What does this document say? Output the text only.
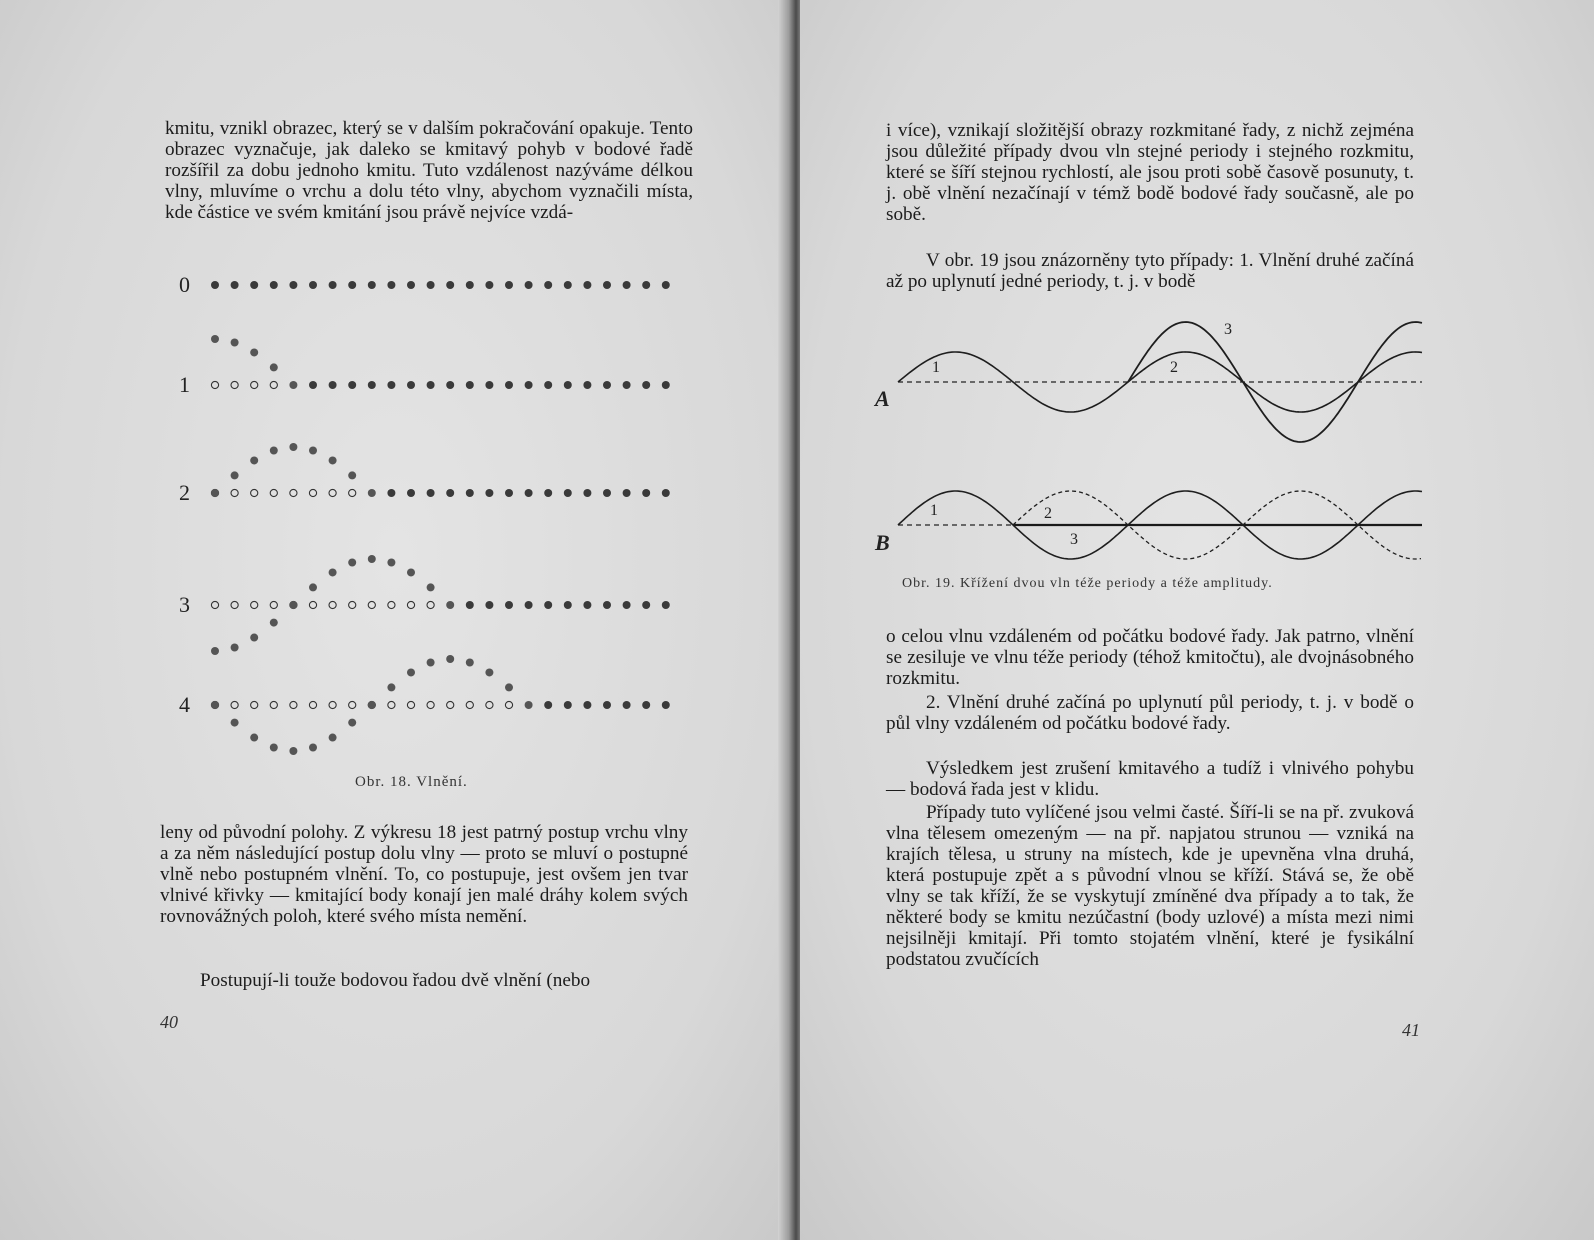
kmitu, vznikl obrazec, který se v dalším pokračování opakuje. Tento obrazec vyznačuje, jak daleko se kmitavý pohyb v bodové řadě rozšířil za dobu jednoho kmitu. Tuto vzdálenost nazýváme délkou vlny, mluvíme o vrchu a dolu této vlny, abychom vyznačili místa, kde částice ve svém kmitání jsou právě nejvíce vzdá-

0
1
2
3
4
Obr. 18. Vlnění.

leny od původní polohy. Z výkresu 18 jest patrný postup vrchu vlny a za něm následující postup dolu vlny — proto se mluví o postupné vlně nebo postupném vlnění. To, co postupuje, jest ovšem jen tvar vlnivé křivky — kmitající body konají jen malé dráhy kolem svých rovnovážných poloh, které svého místa nemění.

Postupují-li touže bodovou řadou dvě vlnění (nebo

40

i více), vznikají složitější obrazy rozkmitané řady, z nichž zejména jsou důležité případy dvou vln stejné periody i stejného rozkmitu, které se šíří stejnou rychlostí, ale jsou proti sobě časově posunuty, t. j. obě vlnění nezačínají v témž bodě bodové řady současně, ale po sobě.

V obr. 19 jsou znázorněny tyto případy: 1. Vlnění druhé začíná až po uplynutí jedné periody, t. j. v bodě

A
1	2
3
B
1	2
3
Obr. 19. Křížení dvou vln téže periody a téže amplitudy.

o celou vlnu vzdáleném od počátku bodové řady. Jak patrno, vlnění se zesiluje ve vlnu téže periody (téhož kmitočtu), ale dvojnásobného rozkmitu.

2. Vlnění druhé začíná po uplynutí půl periody, t. j. v bodě o půl vlny vzdáleném od počátku bodové řady.

Výsledkem jest zrušení kmitavého a tudíž i vlnivého pohybu — bodová řada jest v klidu.

Případy tuto vylíčené jsou velmi časté. Šíří-li se na př. zvuková vlna tělesem omezeným — na př. napjatou strunou — vzniká na krajích tělesa, u struny na místech, kde je upevněna vlna druhá, která postupuje zpět a s původní vlnou se kříží. Stává se, že obě vlny se tak kříží, že se vyskytují zmíněné dva případy a to tak, že některé body se kmitu nezúčastní (body uzlové) a místa mezi nimi nejsilněji kmitají. Při tomto stojatém vlnění, které je fysikální podstatou zvučících

41
